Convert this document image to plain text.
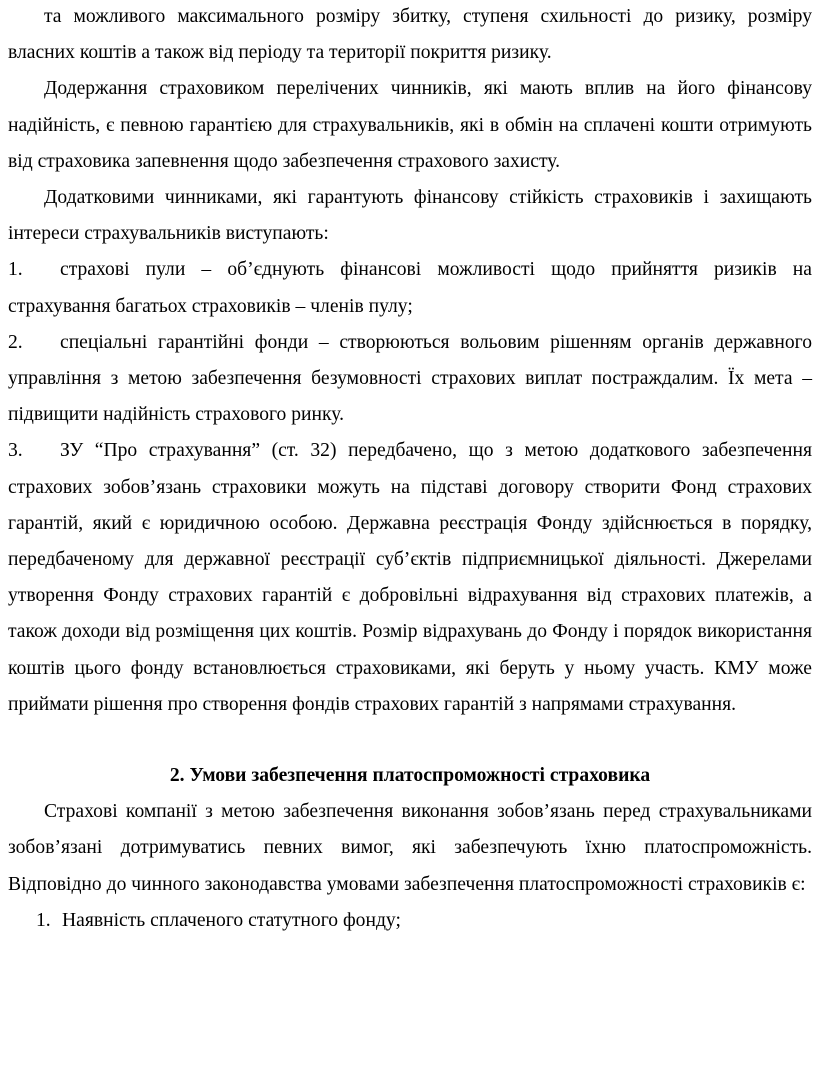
та можливого максимального розміру збитку, ступеня схильності до ризику, розміру власних коштів а також від періоду та території покриття ризику.

Додержання страховиком перелічених чинників, які мають вплив на його фінансову надійність, є певною гарантією для страхувальників, які в обмін на сплачені кошти отримують від страховика запевнення щодо забезпечення страхового захисту.

Додатковими чинниками, які гарантують фінансову стійкість страховиків і захищають інтереси страхувальників виступають:

1. страхові пули – об’єднують фінансові можливості щодо прийняття ризиків на страхування багатьох страховиків – членів пулу;

2. спеціальні гарантійні фонди – створюються вольовим рішенням органів державного управління з метою забезпечення безумовності страхових виплат постраждалим. Їх мета – підвищити надійність страхового ринку.

3. ЗУ “Про страхування” (ст. 32) передбачено, що з метою додаткового забезпечення страхових зобов’язань страховики можуть на підставі договору створити Фонд страхових гарантій, який є юридичною особою. Державна реєстрація Фонду здійснюється в порядку, передбаченому для державної реєстрації суб’єктів підприємницької діяльності. Джерелами утворення Фонду страхових гарантій є добровільні відрахування від страхових платежів, а також доходи від розміщення цих коштів. Розмір відрахувань до Фонду і порядок використання коштів цього фонду встановлюється страховиками, які беруть у ньому участь. КМУ може приймати рішення про створення фондів страхових гарантій з напрямами страхування.

2. Умови забезпечення платоспроможності страховика

Страхові компанії з метою забезпечення виконання зобов’язань перед страхувальниками зобов’язані дотримуватись певних вимог, які забезпечують їхню платоспроможність. Відповідно до чинного законодавства умовами забезпечення платоспроможності страховиків є:

1. Наявність сплаченого статутного фонду;
